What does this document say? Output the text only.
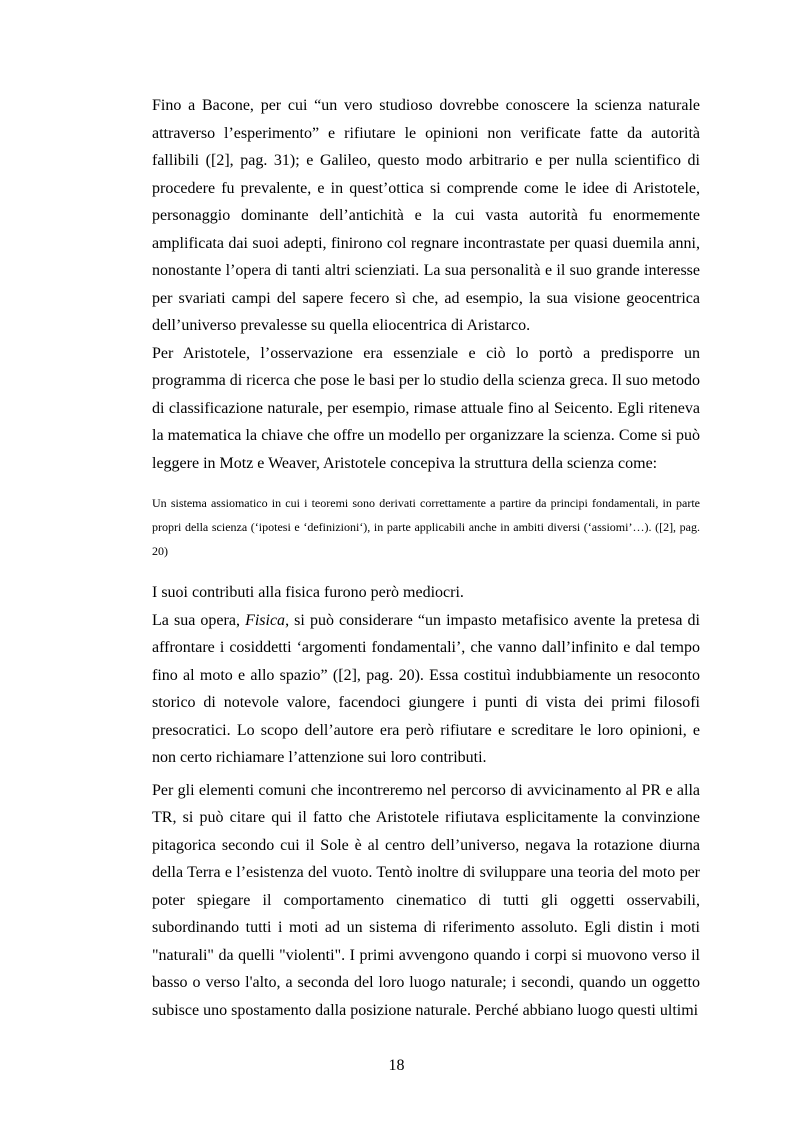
Fino a Bacone, per cui “un vero studioso dovrebbe conoscere la scienza naturale attraverso l’esperimento” e rifiutare le opinioni non verificate fatte da autorità fallibili ([2], pag. 31); e Galileo, questo modo arbitrario e per nulla scientifico di procedere fu prevalente, e in quest’ottica si comprende come le idee di Aristotele, personaggio dominante dell’antichità e la cui vasta autorità fu enormemente amplificata dai suoi adepti, finirono col regnare incontrastate per quasi duemila anni, nonostante l’opera di tanti altri scienziati. La sua personalità e il suo grande interesse per svariati campi del sapere fecero sì che, ad esempio, la sua visione geocentrica dell’universo prevalesse su quella eliocentrica di Aristarco.

Per Aristotele, l’osservazione era essenziale e ciò lo portò a predisporre un programma di ricerca che pose le basi per lo studio della scienza greca. Il suo metodo di classificazione naturale, per esempio, rimase attuale fino al Seicento. Egli riteneva la matematica la chiave che offre un modello per organizzare la scienza. Come si può leggere in Motz e Weaver, Aristotele concepiva la struttura della scienza come:

Un sistema assiomatico in cui i teoremi sono derivati correttamente a partire da principi fondamentali, in parte propri della scienza (‘ipotesi e ‘definizioni‘), in parte applicabili anche in ambiti diversi (‘assiomi’…). ([2], pag. 20)

I suoi contributi alla fisica furono però mediocri.

La sua opera, Fisica, si può considerare “un impasto metafisico avente la pretesa di affrontare i cosiddetti ‘argomenti fondamentali’, che vanno dall’infinito e dal tempo fino al moto e allo spazio” ([2], pag. 20). Essa costituì indubbiamente un resoconto storico di notevole valore, facendoci giungere i punti di vista dei primi filosofi presocratici. Lo scopo dell’autore era però rifiutare e screditare le loro opinioni, e non certo richiamare l’attenzione sui loro contributi.

Per gli elementi comuni che incontreremo nel percorso di avvicinamento al PR e alla TR, si può citare qui il fatto che Aristotele rifiutava esplicitamente la convinzione pitagorica secondo cui il Sole è al centro dell’universo, negava la rotazione diurna della Terra e l’esistenza del vuoto. Tentò inoltre di sviluppare una teoria del moto per poter spiegare il comportamento cinematico di tutti gli oggetti osservabili, subordinando tutti i moti ad un sistema di riferimento assoluto. Egli distin i moti "naturali" da quelli "violenti". I primi avvengono quando i corpi si muovono verso il basso o verso l'alto, a seconda del loro luogo naturale; i secondi, quando un oggetto subisce uno spostamento dalla posizione naturale. Perché abbiano luogo questi ultimi

18
